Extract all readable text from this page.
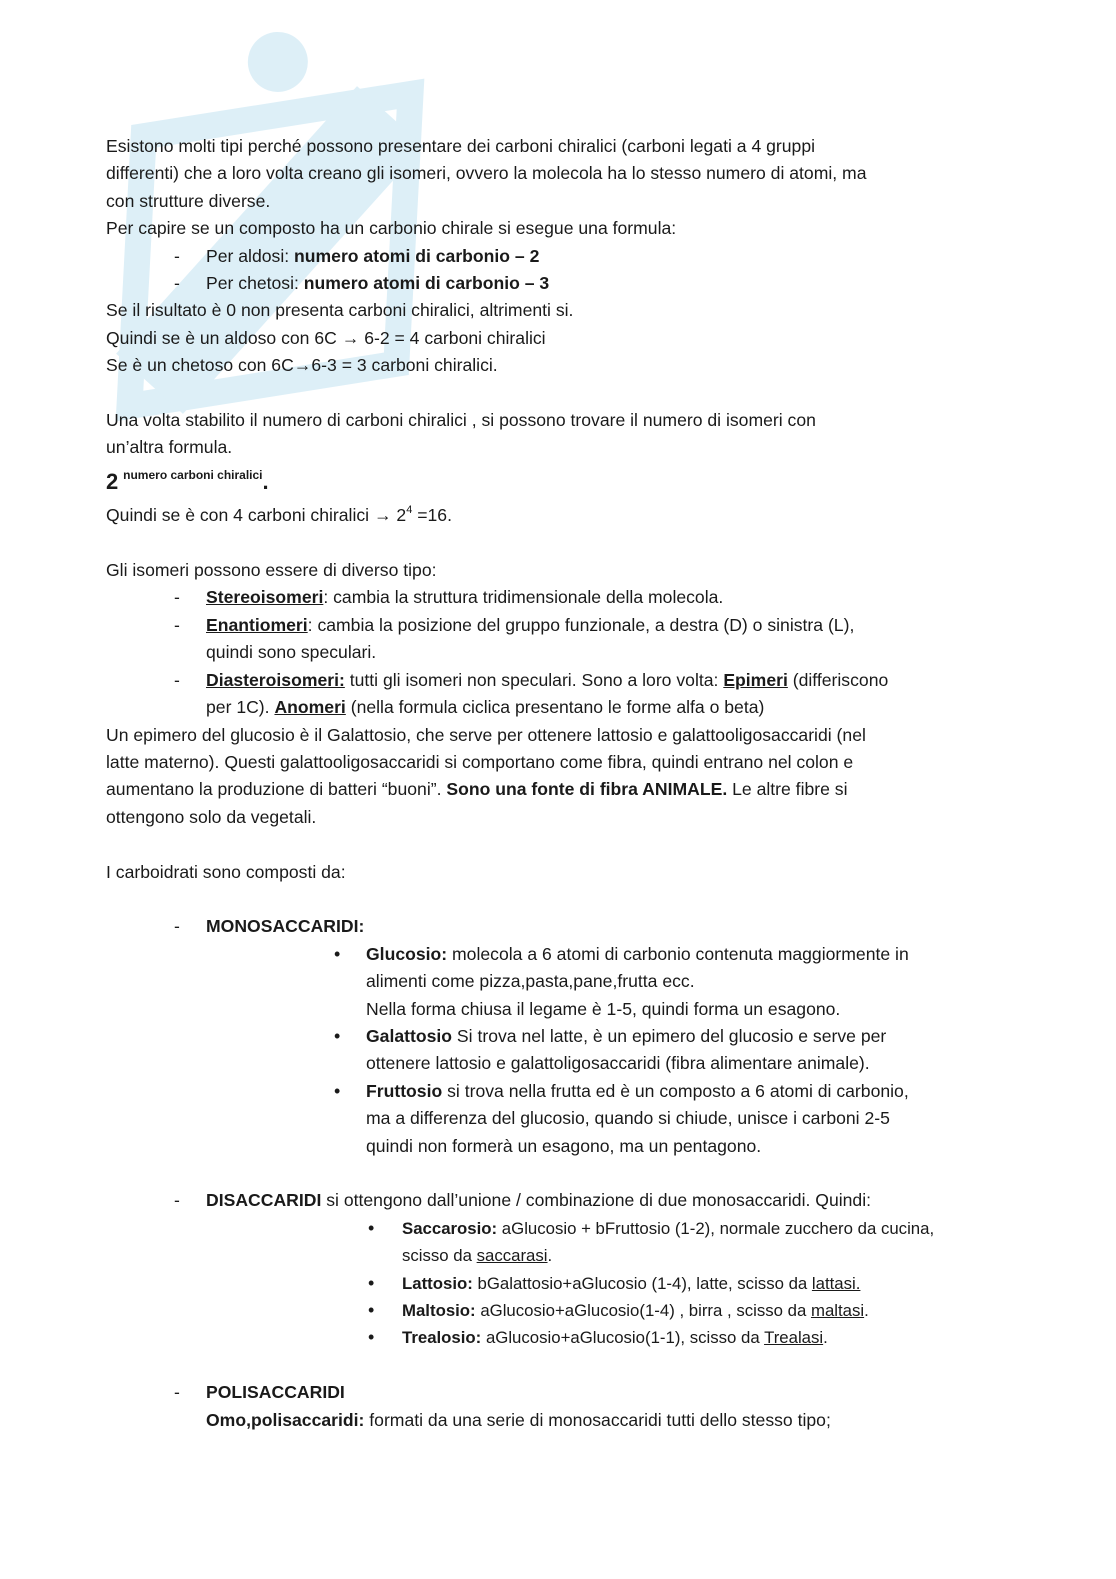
Esistono molti tipi perché possono presentare dei carboni chiralici (carboni legati a 4 gruppi

differenti) che a loro volta creano gli isomeri, ovvero la molecola ha lo stesso numero di atomi, ma

con strutture diverse.

Per capire se un composto ha un carbonio chirale si esegue una formula:

- Per aldosi: numero atomi di carbonio – 2

- Per chetosi: numero atomi di carbonio – 3

Se il risultato è 0 non presenta carboni chiralici, altrimenti si.

Quindi se è un aldoso con 6C → 6-2 = 4 carboni chiralici

Se è un chetoso con 6C→6-3 = 3 carboni chiralici.

Una volta stabilito il numero di carboni chiralici , si possono trovare il numero di isomeri con

un’altra formula.

2 $^{numero carboni chiralici}$.

Quindi se è con 4 carboni chiralici → $2^4 =16$.

Gli isomeri possono essere di diverso tipo:

- Stereoisomeri: cambia la struttura tridimensionale della molecola.

- Enantiomeri: cambia la posizione del gruppo funzionale, a destra (D) o sinistra (L),

quindi sono speculari.

- Diasteroisomeri: tutti gli isomeri non speculari. Sono a loro volta: Epimeri (differiscono

per 1C). Anomeri (nella formula ciclica presentano le forme alfa o beta)

Un epimero del glucosio è il Galattosio, che serve per ottenere lattosio e galattooligosaccaridi (nel

latte materno). Questi galattooligosaccaridi si comportano come fibra, quindi entrano nel colon e

aumentano la produzione di batteri “buoni”. Sono una fonte di fibra ANIMALE. Le altre fibre si

ottengono solo da vegetali.

I carboidrati sono composti da:

- MONOSACCARIDI:

• Glucosio: molecola a 6 atomi di carbonio contenuta maggiormente in
alimenti come pizza,pasta,pane,frutta ecc.
Nella forma chiusa il legame è 1-5, quindi forma un esagono.
• Galattosio Si trova nel latte, è un epimero del glucosio e serve per
ottenere lattosio e galattoligosaccaridi (fibra alimentare animale).
• Fruttosio si trova nella frutta ed è un composto a 6 atomi di carbonio,
ma a differenza del glucosio, quando si chiude, unisce i carboni 2-5
quindi non formerà un esagono, ma un pentagono.

- DISACCARIDI si ottengono dall’unione / combinazione di due monosaccaridi. Quindi:

• Saccarosio: aGlucosio + bFruttosio (1-2), normale zucchero da cucina,
scisso da saccarasi.
• Lattosio: bGalattosio+aGlucosio (1-4), latte, scisso da lattasi.
• Maltosio: aGlucosio+aGlucosio(1-4) , birra , scisso da maltasi.
• Trealosio: aGlucosio+aGlucosio(1-1), scisso da Trealasi.

- POLISACCARIDI

Omo,polisaccaridi: formati da una serie di monosaccaridi tutti dello stesso tipo;
